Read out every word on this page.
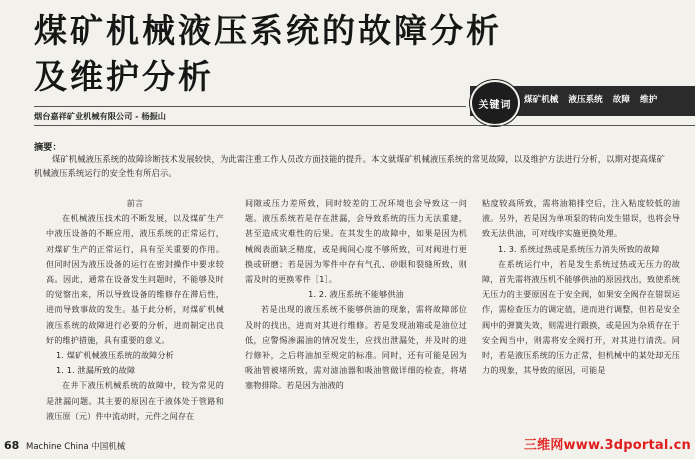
煤矿机械液压系统的故障分析
及维护分析
关键词	煤矿机械 液压系统 故障 维护
烟台嘉祥矿业机械有限公司 - 杨振山
摘要：

煤矿机械液压系统的故障诊断技术发展较快，为此需注重工作人员改方面技能的提升。本文就煤矿机械液压系统的常见故障，以及维护方法进行分析，以期对提高煤矿机械液压系统运行的安全性有所启示。

前言

在机械液压技术的不断发展，以及煤矿生产中液压设备的不断应用，液压系统的正常运行，对煤矿生产的正常运行，具有至关重要的作用。但同时因为液压设备的运行在密封操作中要求较高。因此，通常在设备发生问题时，不能够及时的觉察出来，所以导致设备的维修存在滞后性，进而导致事故的发生。基于此分析，对煤矿机械液压系统的故障进行必要的分析，进而制定出良好的维护措施，具有重要的意义。

1. 煤矿机械液压系统的故障分析

1. 1. 泄漏所致的故障

在井下液压机械系统的故障中，较为常见的是泄漏问题。其主要的原因在于液体处于管路和液压原（元）件中流动时，元件之间存在

间隙或压力差所致，同时较差的工况环境也会导致这一问题。液压系统若是存在泄漏，会导致系统的压力无法重建，甚至造成灾难性的后果。在其发生的故障中，如果是因为机械阀表面缺乏精度，或是阀间心度不够所致，可对阀进行更换或研磨；若是因为零件中存有气孔、砂眼和裂缝所致，则需及时的更换零件［1］。

1. 2. 液压系统不能够供油

若是出现的液压系统不能够供油的现象，需将故障部位及时的找出，进而对其进行维修。若是发现油箱或是油位过低，应警惕渗漏油的情况发生，应找出泄漏处，并及时的进行修补，之后将油加至规定的标准。同时，还有可能是因为吸油管被堵所致，需对滤油器和吸油管做详细的检查，将堵塞物排除。若是因为油液的

粘度较高所致，需将油箱排空后，注入粘度较低的油液。另外，若是因为单项泵的转向发生错误，也将会导致无法供油，可对线序实施更换处理。

1. 3. 系统过热或是系统压力消失所致的故障

在系统运行中，若是发生系统过热或无压力的故障，首先需将液压机不能够供油的原因找出，致使系统无压力的主要原因在于安全阀，如果安全阀存在错误运作，需检查压力的调定值，进而进行调整，但若是安全阀中的弹簧失效，则需进行跟换，或是因为杂质存在于安全阀当中，则需将安全阀打开，对其进行清洗。同时，若是液压系统的压力正常，但机械中的某处却无压力的现象，其导致的原因，可能是

68 Machine China 中国机械	三维网www.3dportal.cn
